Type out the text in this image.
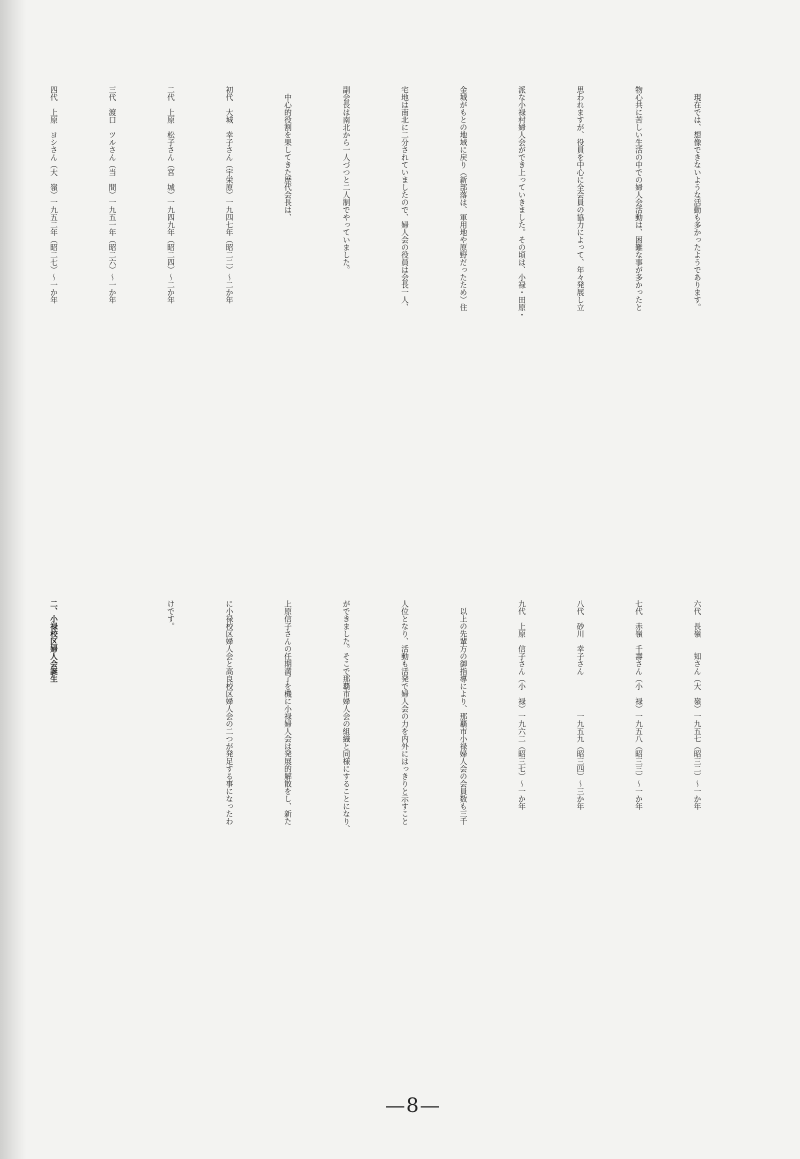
　現在では、想像できないような活動も多かったようであります。

物心共に苦しい生活の中での婦人会活動は、困難な事が多かったと

思われますが、役員を中心に全会員の協力によって、年々発展し立

派な小禄村婦人会ができ上っていきました。その頃は、小禄・田原・

金城がもとの地域に戻り（新部落は、軍用地や原野だったため）住

宅地は南北に二分されていましたので、婦人会の役員は会長一人、

副会長は南北から一人づつと二人制でやっていました。

　中心的役割を果してきた歴代会長は、

初代　大城　幸子さん（宇栄原）一九四七年（昭二二）〜二か年

二代　上原　松子さん（宮　城）一九四九年（昭二四）〜二か年

三代　渡口　ツルさん（当　間）一九五一年（昭二六）〜一か年

四代　上原　ヨシさん（大　嶺）一九五二年（昭二七）〜一か年

六代　長嶺　　知さん（大　嶺）一九五七（昭三二）〜一か年

七代　赤嶺　千壽さん（小　禄）一九五八（昭三三）〜一か年

八代　砂川　幸子さん　　　　　一九五九（昭三四）〜三か年

九代　上原　信子さん（小　禄）一九六二（昭三七）〜一か年

　以上の先輩方の御指導により、那覇市小禄婦人会の会員数も三千

人位となり、活動も活発で婦人会の力を内外にはっきりと示すこと

ができました。そこで那覇市婦人会の組織と同様にすることになり、

上原信子さんの任期満了を機に小禄婦人会は発展的解散をし、新た

に小禄校区婦人会と高良校区婦人会の二つが発足する事になったわ

けです。

二、小禄校区婦人会誕生

—8—
